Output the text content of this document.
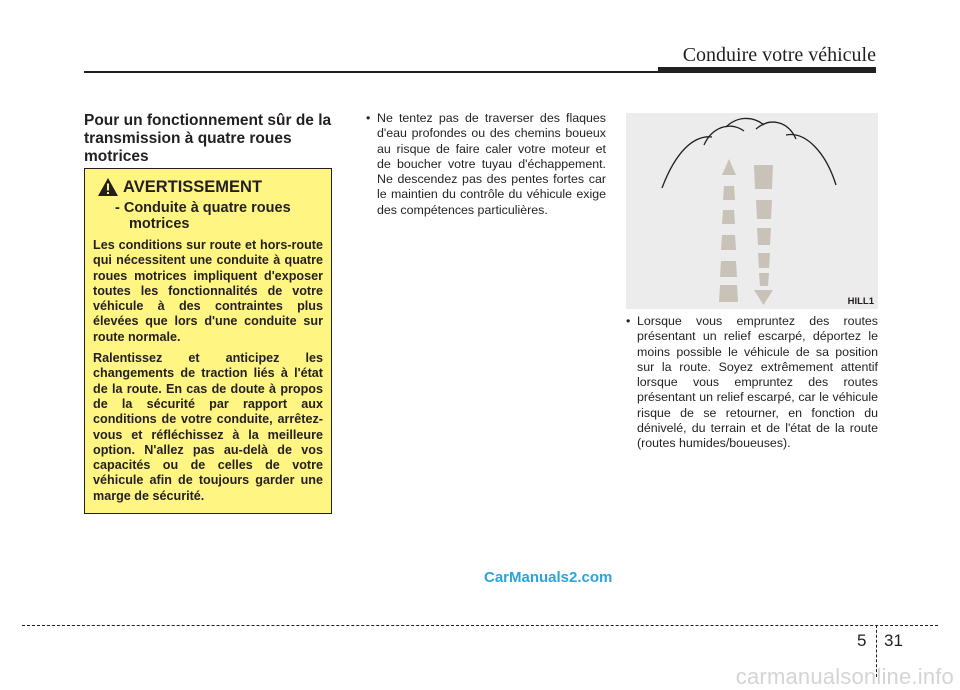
Conduire votre véhicule
Pour un fonctionnement sûr de la transmission à quatre roues motrices
AVERTISSEMENT
- Conduite à quatre roues motrices

Les conditions sur route et hors-route qui nécessitent une conduite à quatre roues motrices impliquent d'exposer toutes les fonctionnalités de votre véhicule à des contraintes plus élevées que lors d'une conduite sur route normale.

Ralentissez et anticipez les changements de traction liés à l'état de la route. En cas de doute à propos de la sécurité par rapport aux conditions de votre conduite, arrêtez-vous et réfléchissez à la meilleure option. N'allez pas au-delà de vos capacités ou de celles de votre véhicule afin de toujours garder une marge de sécurité.

• Ne tentez pas de traverser des flaques d'eau profondes ou des chemins boueux au risque de faire caler votre moteur et de boucher votre tuyau d'échappement. Ne descendez pas des pentes fortes car le maintien du contrôle du véhicule exige des compétences particulières.
HILL1
• Lorsque vous empruntez des routes présentant un relief escarpé, déportez le moins possible le véhicule de sa position sur la route. Soyez extrêmement attentif lorsque vous empruntez des routes présentant un relief escarpé, car le véhicule risque de se retourner, en fonction du dénivelé, du terrain et de l'état de la route (routes humides/boueuses).
CarManuals2.com
5 31
carmanualsonline.info
